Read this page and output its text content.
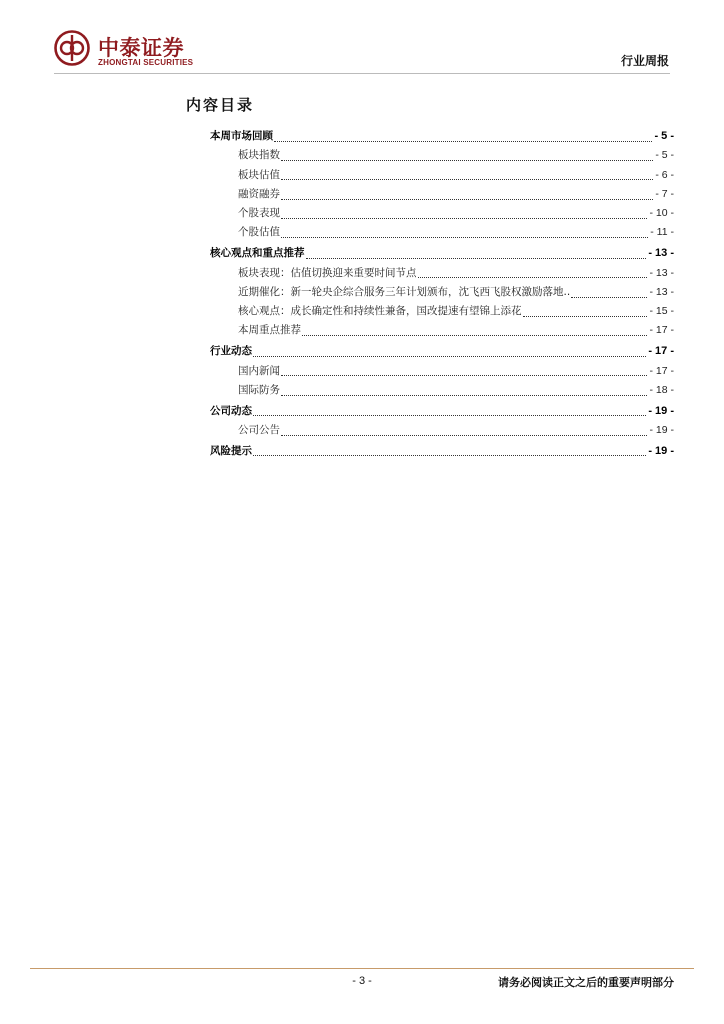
中泰证券
ZHONGTAI SECURITIES	行业周报
内容目录
本周市场回顾	- 5 -
板块指数	- 5 -
板块估值	- 6 -
融资融券	- 7 -
个股表现	- 10 -
个股估值	- 11 -
核心观点和重点推荐	- 13 -
板块表现：估值切换迎来重要时间节点	- 13 -
近期催化：新一轮央企综合服务三年计划颁布，沈飞西飞股权激励落地..	- 13 -
核心观点：成长确定性和持续性兼备，国改提速有望锦上添花	- 15 -
本周重点推荐	- 17 -
行业动态	- 17 -
国内新闻	- 17 -
国际防务	- 18 -
公司动态	- 19 -
公司公告	- 19 -
风险提示	- 19 -
- 3 -	请务必阅读正文之后的重要声明部分
